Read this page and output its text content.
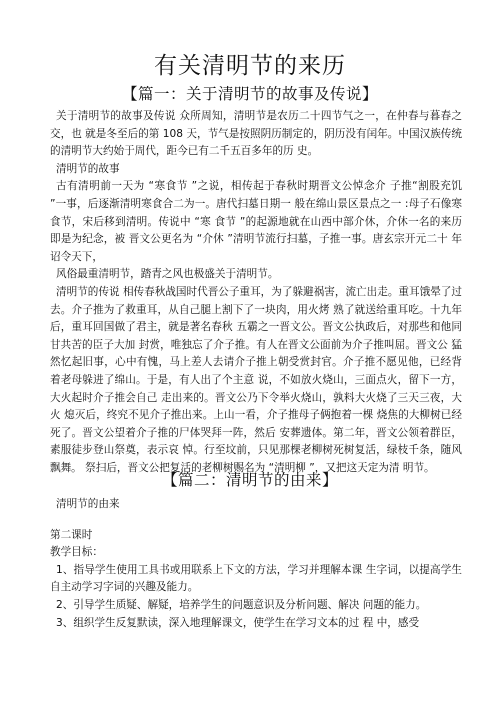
有关清明节的来历
【篇一：关于清明节的故事及传说】

关于清明节的故事及传说 众所周知，清明节是农历二十四节气之一，在仲春与暮春之交，也 就是冬至后的第 108 天，节气是按照阴历制定的，阴历没有闰年。中国汉族传统的清明节大约始于周代，距今已有二千五百多年的历 史。

清明节的故事

古有清明前一天为 “寒食节 ”之说，相传起于春秋时期晋文公悼念介 子推“割股充饥 ”一事，后逐渐清明寒食合二为一。唐代扫墓日期一 般在绵山景区景点之一 :母子石像寒食节，宋后移到清明。传说中 “寒 食节 ”的起源地就在山西中部介休，介休一名的来历即是为纪念，被 晋文公更名为 “介休 ”清明节流行扫墓，子推一事。唐玄宗开元二十 年诏令天下，

风俗最重清明节，踏青之风也极盛关于清明节。

清明节的传说 相传春秋战国时代晋公子重耳，为了躲避祸害，流亡出走。重耳饿晕了过去。介子推为了救重耳，从自己腿上割下了一块肉，用火烤 熟了就送给重耳吃。十九年后，重耳回国做了君主，就是著名春秋 五霸之一晋文公。晋文公执政后，对那些和他同甘共苦的臣子大加 封赏，唯独忘了介子推。有人在晋文公面前为介子推叫屈。晋文公 猛然忆起旧事，心中有愧，马上差人去请介子推上朝受赏封官。介子推不愿见他，已经背着老母躲进了绵山。于是，有人出了个主意 说，不如放火烧山，三面点火，留下一方，大火起时介子推会自己 走出来的。晋文公乃下令举火烧山，孰料大火烧了三天三夜，大火 熄灭后，终究不见介子推出来。上山一看，介子推母子俩抱着一棵 烧焦的大柳树已经死了。晋文公望着介子推的尸体哭拜一阵，然后 安葬遗体。第二年，晋文公领着群臣，素服徒步登山祭奠，表示哀 悼。行至坟前，只见那棵老柳树死树复活，绿枝千条，随风飘舞。 祭扫后，晋文公把复活的老柳树赐名为 “清明柳 ”，又把这天定为清 明节。

【篇二：清明节的由来】

清明节的由来

第二课时

教学目标：

1、指导学生使用工具书或用联系上下文的方法，学习并理解本课 生字词，以提高学生自主动学习字词的兴趣及能力。

2、引导学生质疑、解疑，培养学生的问题意识及分析问题、解决 问题的能力。

3、组织学生反复默读，深入地理解课文，使学生在学习文本的过 程 中，感受
